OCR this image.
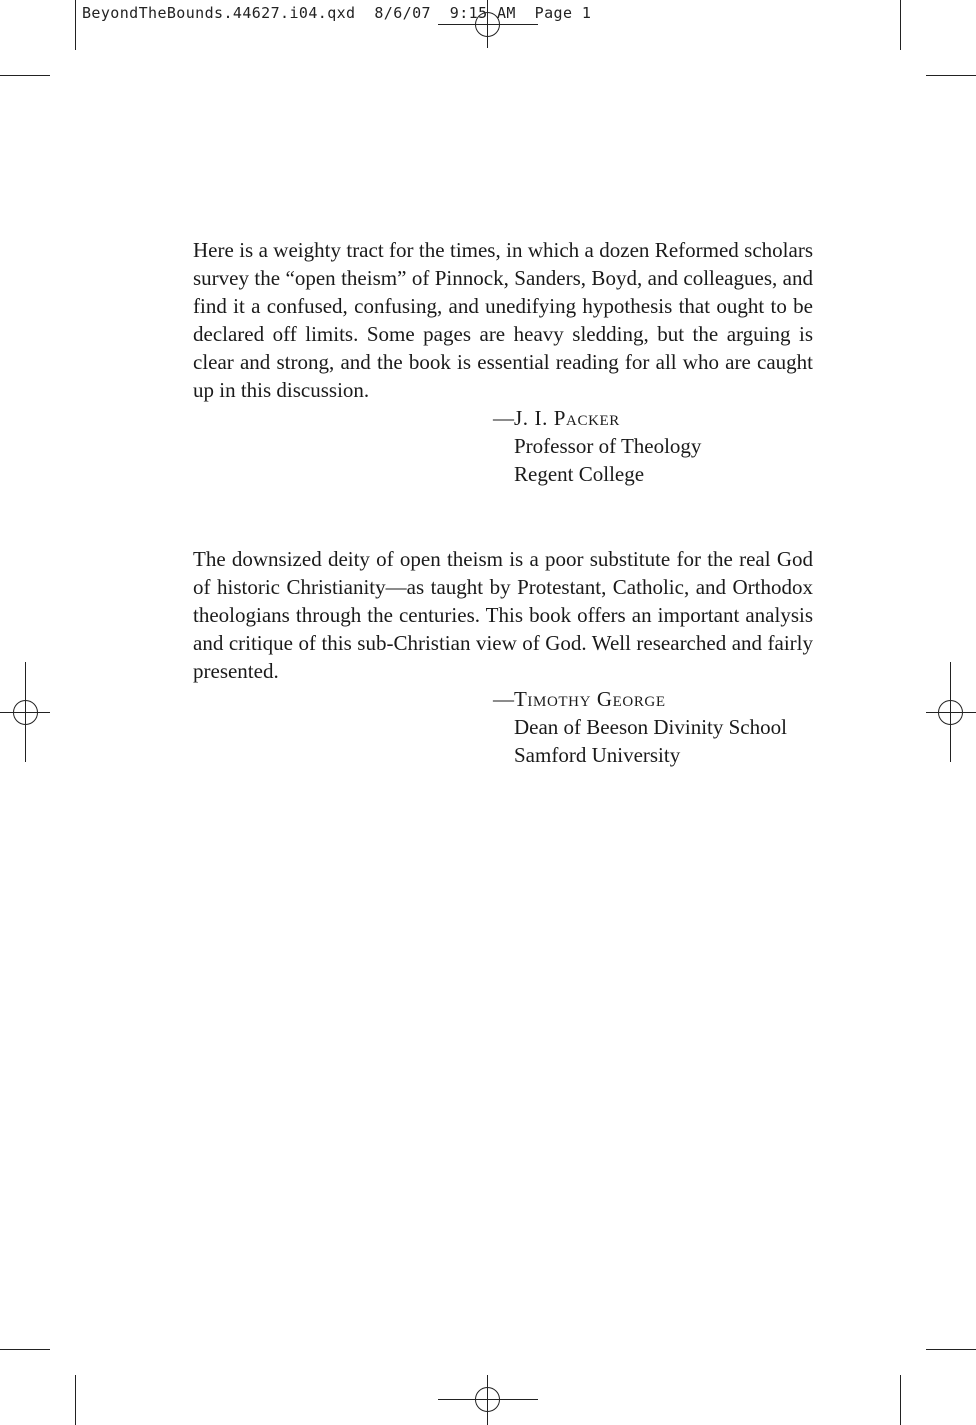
BeyondTheBounds.44627.i04.qxd  8/6/07  9:15 AM  Page 1

Here is a weighty tract for the times, in which a dozen Reformed scholars survey the “open theism” of Pinnock, Sanders, Boyd, and colleagues, and find it a confused, confusing, and unedifying hypothesis that ought to be declared off limits. Some pages are heavy sledding, but the arguing is clear and strong, and the book is essential reading for all who are caught up in this discussion.

—J. I. Packer
Professor of Theology
Regent College

The downsized deity of open theism is a poor substitute for the real God of historic Christianity—as taught by Protestant, Catholic, and Orthodox theologians through the centuries. This book offers an important analysis and critique of this sub-Christian view of God. Well researched and fairly presented.

—Timothy George
Dean of Beeson Divinity School
Samford University
